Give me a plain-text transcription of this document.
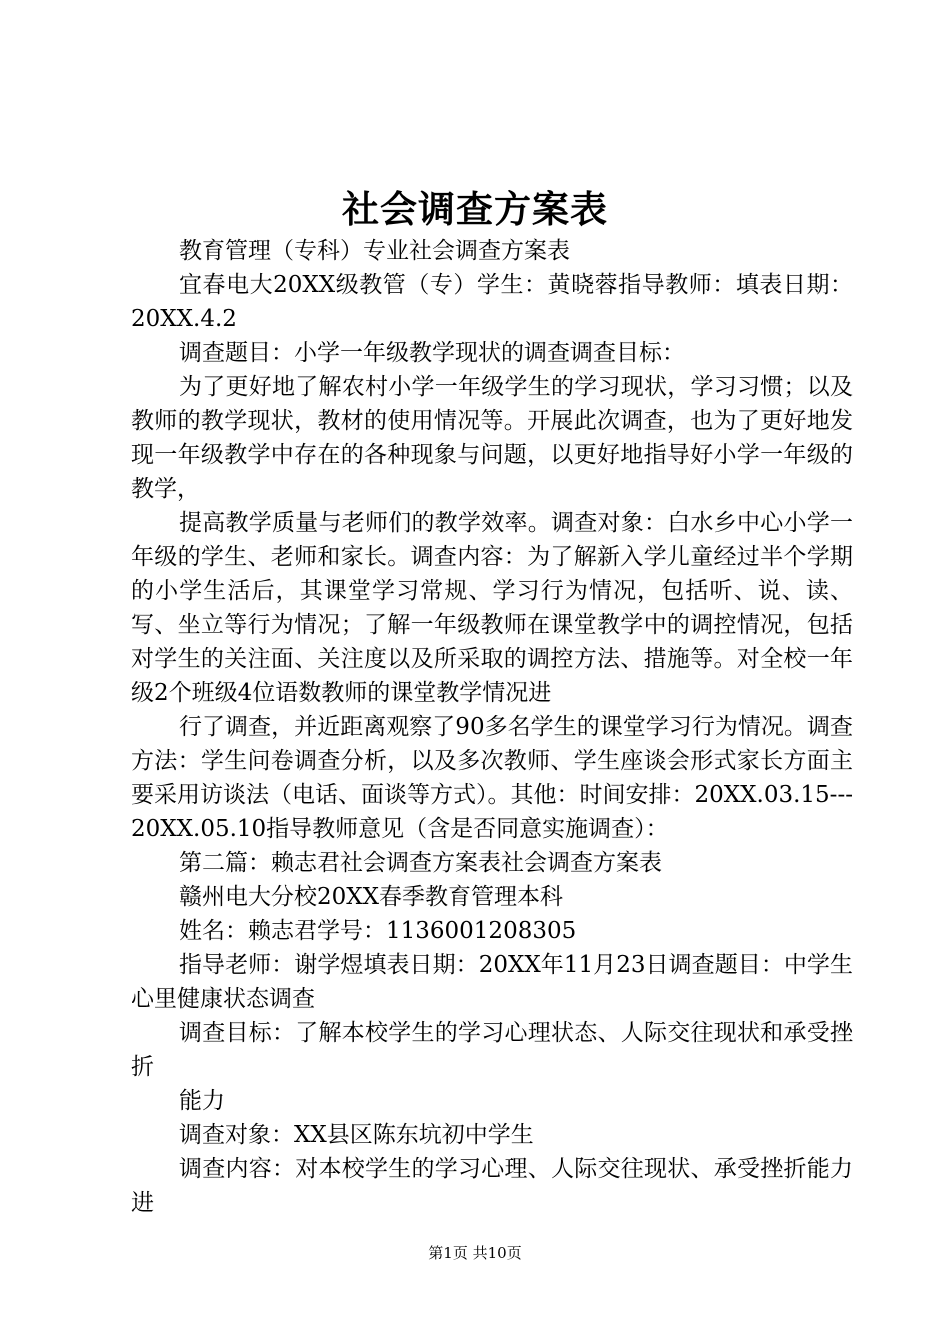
社会调查方案表

教育管理（专科）专业社会调查方案表

宜春电大20XX级教管（专）学生：黄晓蓉指导教师：填表日期：20XX.4.2

调查题目：小学一年级教学现状的调查调查目标：

为了更好地了解农村小学一年级学生的学习现状，学习习惯；以及教师的教学现状，教材的使用情况等。开展此次调查，也为了更好地发现一年级教学中存在的各种现象与问题，以更好地指导好小学一年级的教学，

提高教学质量与老师们的教学效率。调查对象：白水乡中心小学一年级的学生、老师和家长。调查内容：为了解新入学儿童经过半个学期的小学生活后，其课堂学习常规、学习行为情况，包括听、说、读、写、坐立等行为情况；了解一年级教师在课堂教学中的调控情况，包括对学生的关注面、关注度以及所采取的调控方法、措施等。对全校一年级2个班级4位语数教师的课堂教学情况进

行了调查，并近距离观察了90多名学生的课堂学习行为情况。调查方法：学生问卷调查分析，以及多次教师、学生座谈会形式家长方面主要采用访谈法（电话、面谈等方式）。其他：时间安排：20XX.03.15---20XX.05.10指导教师意见（含是否同意实施调查）：

第二篇：赖志君社会调查方案表社会调查方案表

赣州电大分校20XX春季教育管理本科

姓名：赖志君学号：1136001208305

指导老师：谢学煜填表日期：20XX年11月23日调查题目：中学生心里健康状态调查

调查目标：了解本校学生的学习心理状态、人际交往现状和承受挫折

能力

调查对象：XX县区陈东坑初中学生

调查内容：对本校学生的学习心理、人际交往现状、承受挫折能力进

第1页 共10页
